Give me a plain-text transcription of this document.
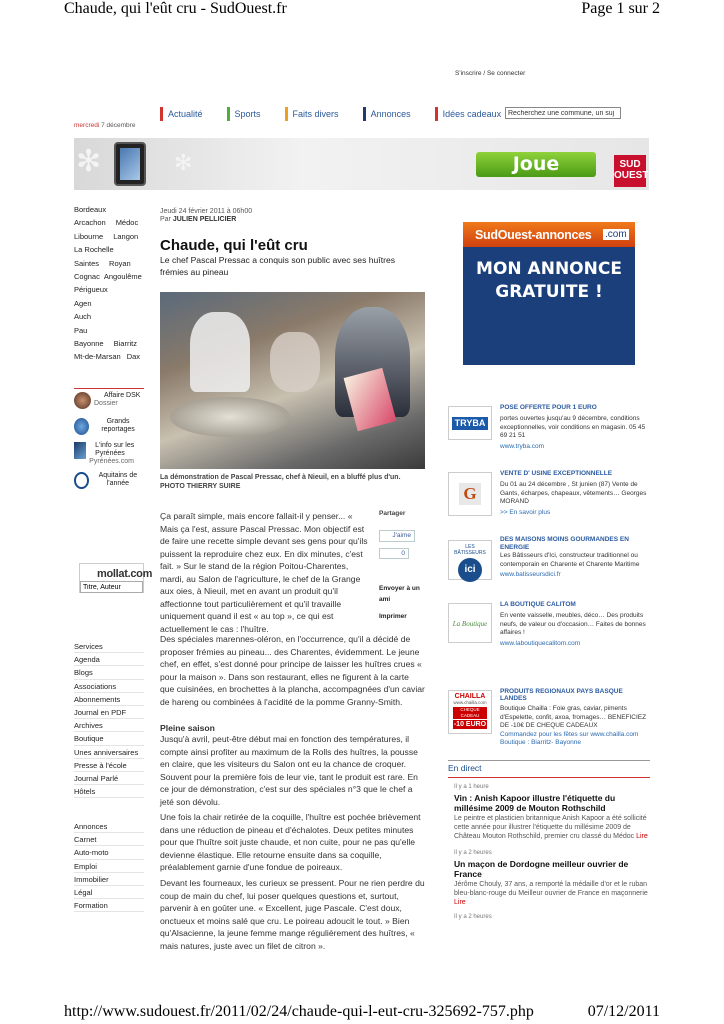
Chaude, qui l'eût cru - SudOuest.fr	Page 1 sur 2
S'inscrire / Se connecter
Actualité	Sports	Faits divers	Annonces	Idées cadeaux
Recherchez une commune, un suj
mercredi 7 décembre
✻	✻	Joue	SUD
OUEST
Bordeaux
Arcachon Médoc
Libourne Langon
La Rochelle
Saintes Royan
Cognac Angoulême
Périgueux
Agen
Auch
Pau
Bayonne Biarritz
Mt-de-Marsan Dax
Affaire DSK
Dossier
Grands reportages
L'info sur les Pyrénées
Pyrénées.com
Aquitains de l'année
mollat.com
Titre, Auteur
Services
Agenda
Blogs
Associations
Abonnements
Journal en PDF
Archives
Boutique
Unes anniversaires
Presse à l'école
Journal Parlé
Hôtels
Annonces
Carnet
Auto-moto
Emploi
Immobilier
Légal
Formation
Jeudi 24 février 2011 à 06h00
Par JULIEN PELLICIER
Chaude, qui l'eût cru
Le chef Pascal Pressac a conquis son public avec ses huîtres frémies au pineau
La démonstration de Pascal Pressac, chef à Nieuil, en a bluffé plus d'un. PHOTO THIERRY SUIRE
Partager
J'aime
0
Envoyer à un ami
Imprimer
Ça paraît simple, mais encore fallait-il y penser... « Mais ça l'est, assure Pascal Pressac. Mon objectif est de faire une recette simple devant ses gens pour qu'ils puissent la reproduire chez eux. En dix minutes, c'est fait. » Sur le stand de la région Poitou-Charentes, mardi, au Salon de l'agriculture, le chef de la Grange aux oies, à Nieuil, met en avant un produit qu'il affectionne tout particulièrement et qu'il travaille uniquement quand il est « au top », ce qui est actuellement le cas : l'huître.
Des spéciales marennes-oléron, en l'occurrence, qu'il a décidé de proposer frémies au pineau... des Charentes, évidemment. Le jeune chef, en effet, s'est donné pour principe de laisser les huîtres crues « pour la maison ». Dans son restaurant, elles ne figurent à la carte que cuisinées, en brochettes à la plancha, accompagnées d'un caviar de hareng ou combinées à l'acidité de la pomme Granny-Smith.
Pleine saison
Jusqu'à avril, peut-être début mai en fonction des températures, il compte ainsi profiter au maximum de la Rolls des huîtres, la pousse en claire, que les visiteurs du Salon ont eu la chance de croquer. Souvent pour la première fois de leur vie, tant le produit est rare. En ce jour de démonstration, c'est sur des spéciales n°3 que le chef a jeté son dévolu.
Une fois la chair retirée de la coquille, l'huître est pochée brièvement dans une réduction de pineau et d'échalotes. Deux petites minutes pour que l'huître soit juste chaude, et non cuite, pour ne pas qu'elle devienne élastique. Elle retourne ensuite dans sa coquille, préalablement garnie d'une fondue de poireaux.
Devant les fourneaux, les curieux se pressent. Pour ne rien perdre du coup de main du chef, lui poser quelques questions et, surtout, parvenir à en goûter une. « Excellent, juge Pascale. C'est doux, onctueux et moins salé que cru. Le poireau adoucit le tout. » Bien qu'Alsacienne, la jeune femme mange régulièrement des huîtres, « mais natures, juste avec un filet de citron ».
SudOuest-annonces .com
MON ANNONCE
GRATUITE !
TRYBA
POSE OFFERTE POUR 1 EURO
portes ouvertes jusqu'au 9 décembre, conditions exceptionnelles, voir conditions en magasin. 05 45 69 21 51
www.tryba.com
G
VENTE D' USINE EXCEPTIONNELLE
Du 01 au 24 décembre , St junien (87) Vente de Gants, écharpes, chapeaux, vêtements… Georges MORAND
>> En savoir plus
LES BÂTISSEURS
ici
DES MAISONS MOINS GOURMANDES EN ENERGIE
Les Bâtisseurs d'Ici, constructeur traditionnel ou contemporain en Charente et Charente Maritime
www.batisseursdici.fr
La Boutique
LA BOUTIQUE CALITOM
En vente vaisselle, meubles, déco… Des produits neufs, de valeur ou d'occasion… Faites de bonnes affaires !
www.laboutiquecalitom.com
CHAILLA
www.chailla.com
CHEQUE CADEAU
-10 EURO
PRODUITS REGIONAUX PAYS BASQUE LANDES
Boutique Chailla : Foie gras, caviar, piments d'Espelette, confit, axoa, fromages… BENEFICIEZ DE -10€ DE CHEQUE CADEAUX
Commandez pour les fêtes sur www.chailla.com Boutique : Biarritz- Bayonne
En direct
Il y a 1 heure
Vin : Anish Kapoor illustre l'étiquette du millésime 2009 de Mouton Rothschild
Le peintre et plasticien britannique Anish Kapoor a été sollicité cette année pour illustrer l'étiquette du millésime 2009 de Château Mouton Rothschild, premier cru classé du Médoc Lire
Il y a 2 heures
Un maçon de Dordogne meilleur ouvrier de France
Jérôme Chouly, 37 ans, a remporté la médaille d'or et le ruban bleu-blanc-rouge du Meilleur ouvrier de France en maçonnerie Lire
Il y a 2 heures
http://www.sudouest.fr/2011/02/24/chaude-qui-l-eut-cru-325692-757.php	07/12/2011
